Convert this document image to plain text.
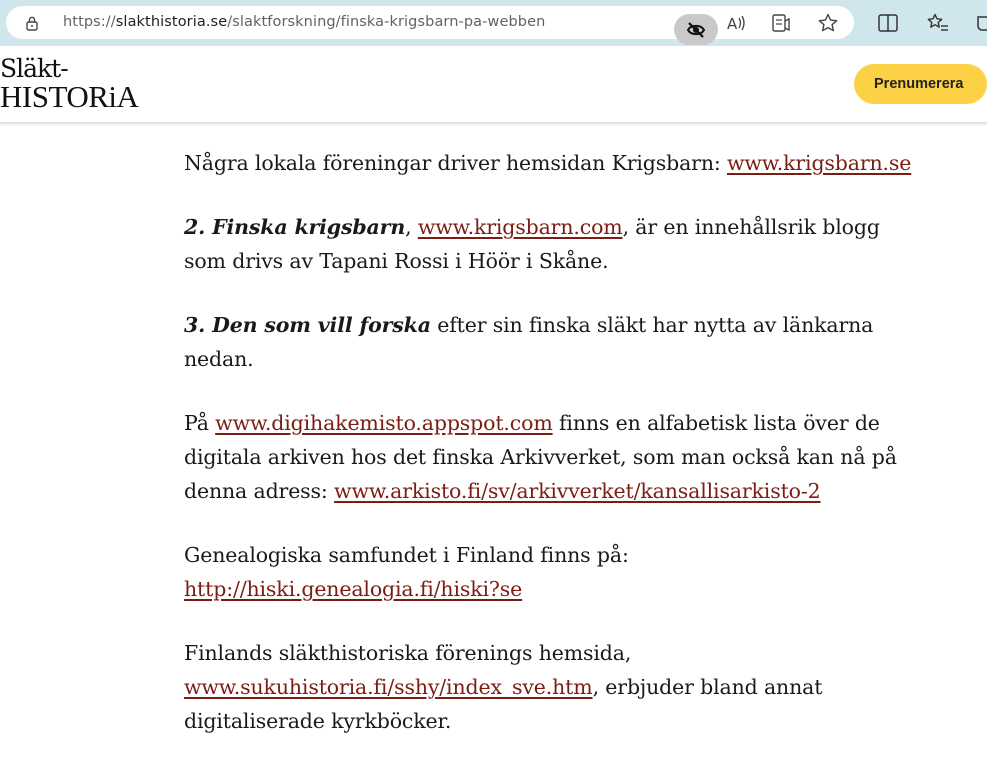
https://slakthistoria.se/slaktforskning/finska-krigsbarn-pa-webben	A
Släkt-
HISTORiA	Prenumerera

Några lokala föreningar driver hemsidan Krigsbarn: www.krigsbarn.se

2. Finska krigsbarn, www.krigsbarn.com, är en innehållsrik blogg som drivs av Tapani Rossi i Höör i Skåne.

3. Den som vill forska efter sin finska släkt har nytta av länkarna nedan.

På www.digihakemisto.appspot.com finns en alfabetisk lista över de digitala arkiven hos det finska Arkivverket, som man också kan nå på denna adress: www.arkisto.fi/sv/arkivverket/kansallisarkisto-2

Genealogiska samfundet i Finland finns på: http://hiski.genealogia.fi/hiski?se

Finlands släkthistoriska förenings hemsida, www.sukuhistoria.fi/sshy/index_sve.htm, erbjuder bland annat digitaliserade kyrkböcker.
